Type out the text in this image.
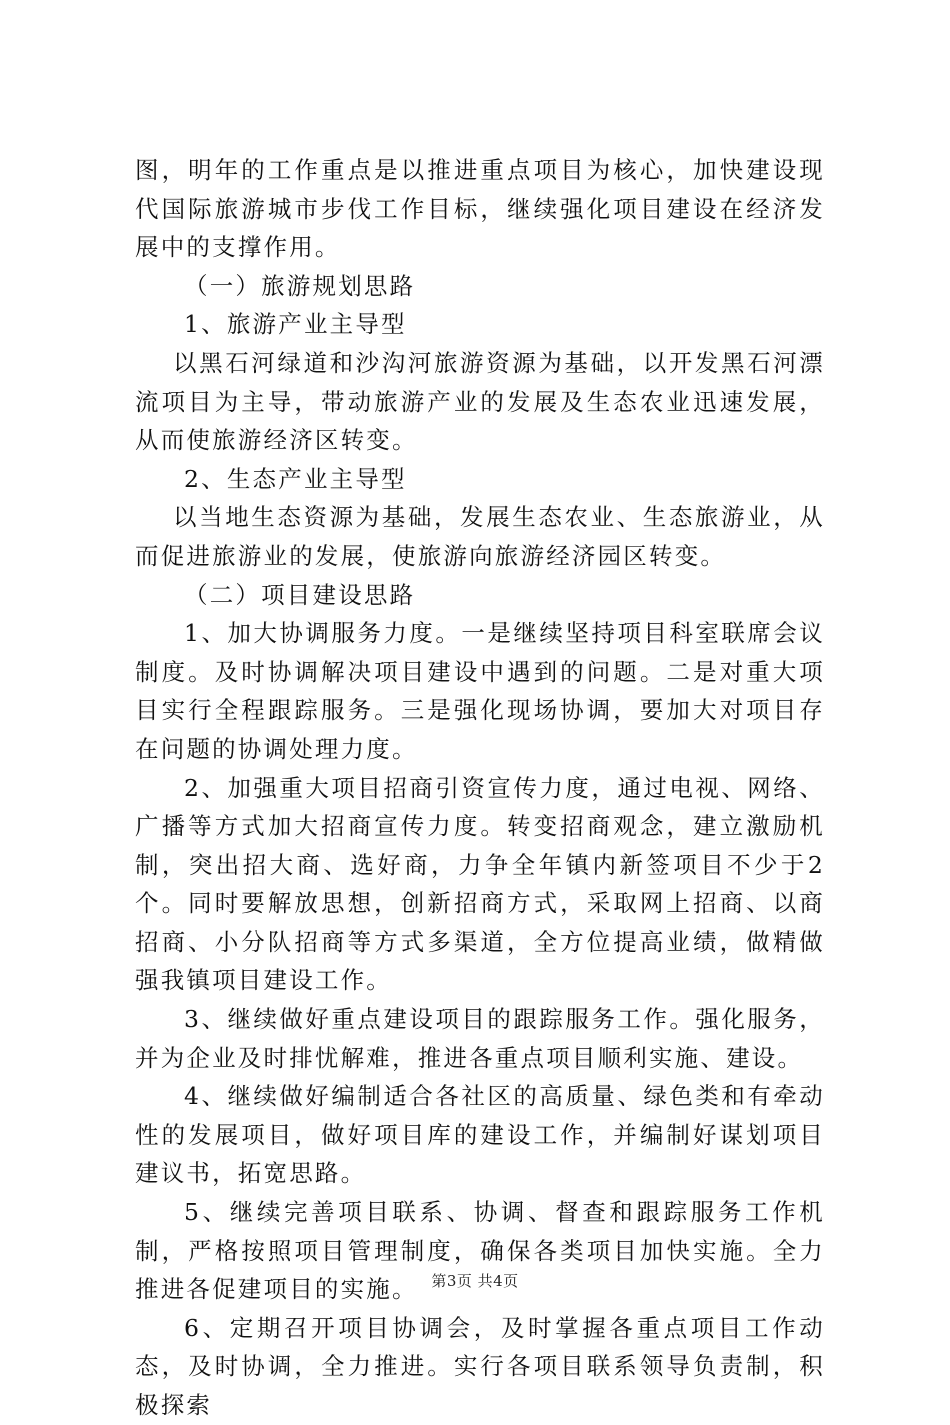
图，明年的工作重点是以推进重点项目为核心，加快建设现代国际旅游城市步伐工作目标，继续强化项目建设在经济发展中的支撑作用。

（一）旅游规划思路

1、旅游产业主导型

以黑石河绿道和沙沟河旅游资源为基础，以开发黑石河漂流项目为主导，带动旅游产业的发展及生态农业迅速发展，从而使旅游经济区转变。

2、生态产业主导型

以当地生态资源为基础，发展生态农业、生态旅游业，从而促进旅游业的发展，使旅游向旅游经济园区转变。

（二）项目建设思路

1、加大协调服务力度。一是继续坚持项目科室联席会议制度。及时协调解决项目建设中遇到的问题。二是对重大项目实行全程跟踪服务。三是强化现场协调，要加大对项目存在问题的协调处理力度。

2、加强重大项目招商引资宣传力度，通过电视、网络、广播等方式加大招商宣传力度。转变招商观念，建立激励机制，突出招大商、选好商，力争全年镇内新签项目不少于2个。同时要解放思想，创新招商方式，采取网上招商、以商招商、小分队招商等方式多渠道，全方位提高业绩，做精做强我镇项目建设工作。

3、继续做好重点建设项目的跟踪服务工作。强化服务，并为企业及时排忧解难，推进各重点项目顺利实施、建设。

4、继续做好编制适合各社区的高质量、绿色类和有牵动性的发展项目，做好项目库的建设工作，并编制好谋划项目建议书，拓宽思路。

5、继续完善项目联系、协调、督查和跟踪服务工作机制，严格按照项目管理制度，确保各类项目加快实施。全力推进各促建项目的实施。

6、定期召开项目协调会，及时掌握各重点项目工作动态，及时协调，全力推进。实行各项目联系领导负责制，积极探索

第3页 共4页
